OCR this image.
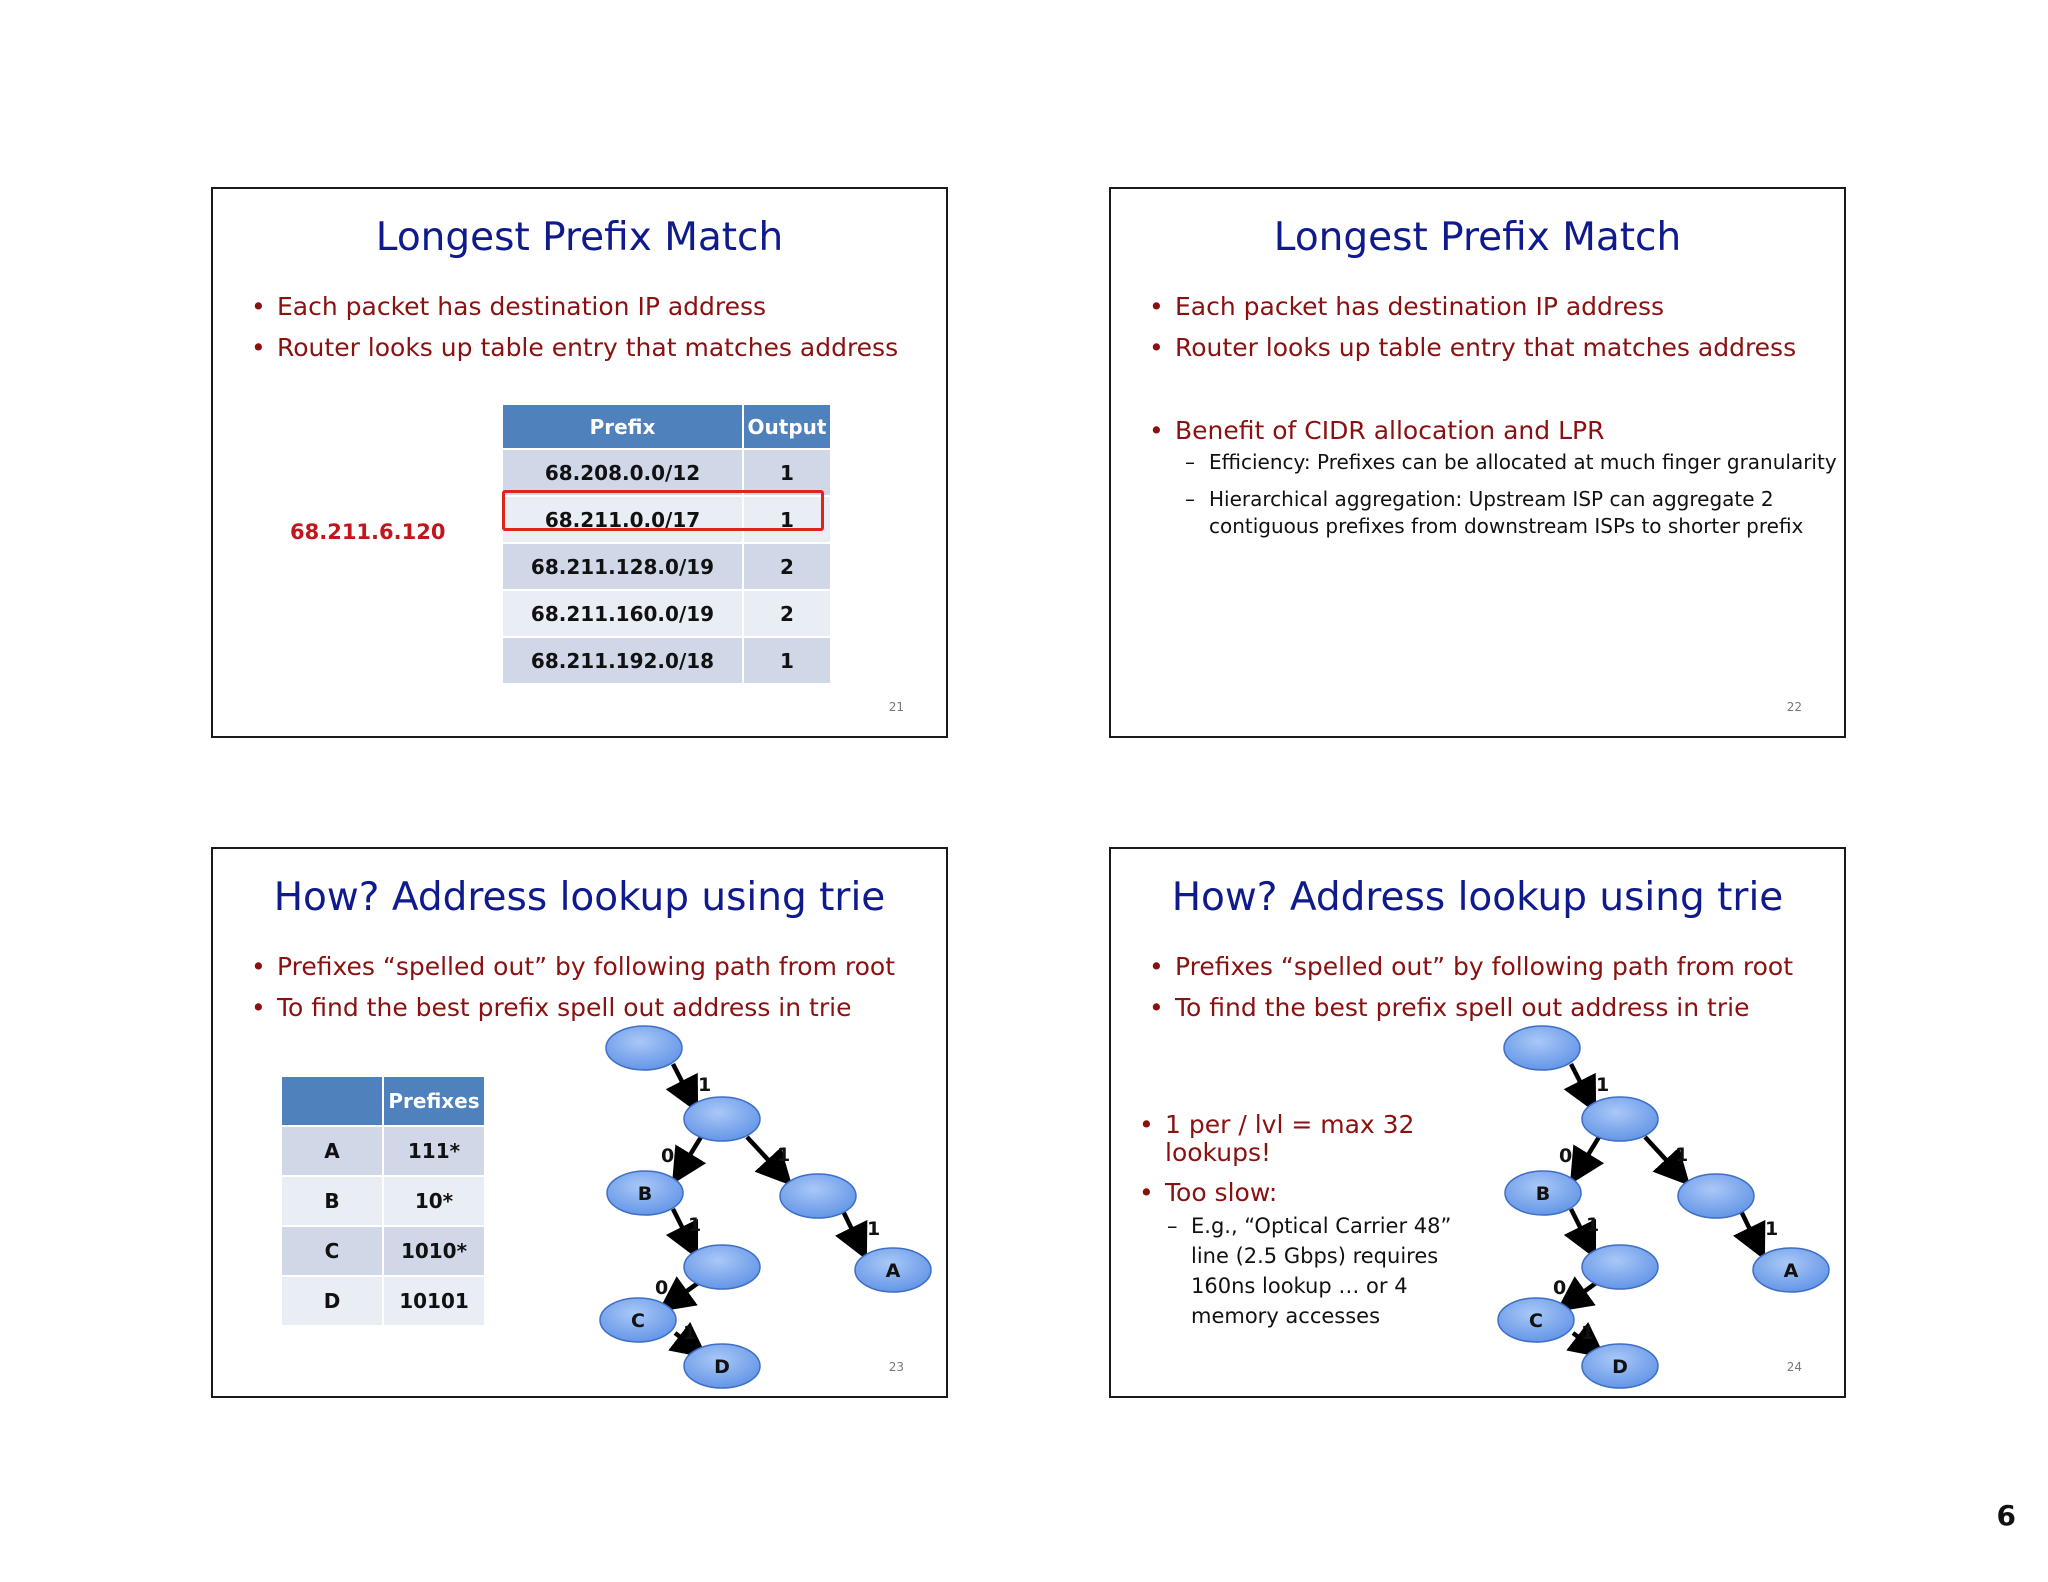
Longest Prefix Match
• Each packet has destination IP address
• Router looks up table entry that matches address
68.211.6.120
Prefix	Output
68.208.0.0/12	1
68.211.0.0/17	1
68.211.128.0/19	2
68.211.160.0/19	2
68.211.192.0/18	1
21
Longest Prefix Match
• Each packet has destination IP address
• Router looks up table entry that matches address
• Benefit of CIDR allocation and LPR
– Efficiency: Prefixes can be allocated at much finger granularity
– Hierarchical aggregation: Upstream ISP can aggregate 2 contiguous prefixes from downstream ISPs to shorter prefix
22
How? Address lookup using trie
• Prefixes “spelled out” by following path from root
• To find the best prefix spell out address in trie
	Prefixes
A	111*
B	10*
C	1010*
D	10101
B
A
C
D
1
0	1
1	1
0
1
23
How? Address lookup using trie
• Prefixes “spelled out” by following path from root
• To find the best prefix spell out address in trie
• 1 per / lvl = max 32 lookups!
• Too slow:
– E.g., “Optical Carrier 48” line (2.5 Gbps) requires 160ns lookup … or 4 memory accesses
B
A
C
D
1
0	1
1	1
0
1
24
6
